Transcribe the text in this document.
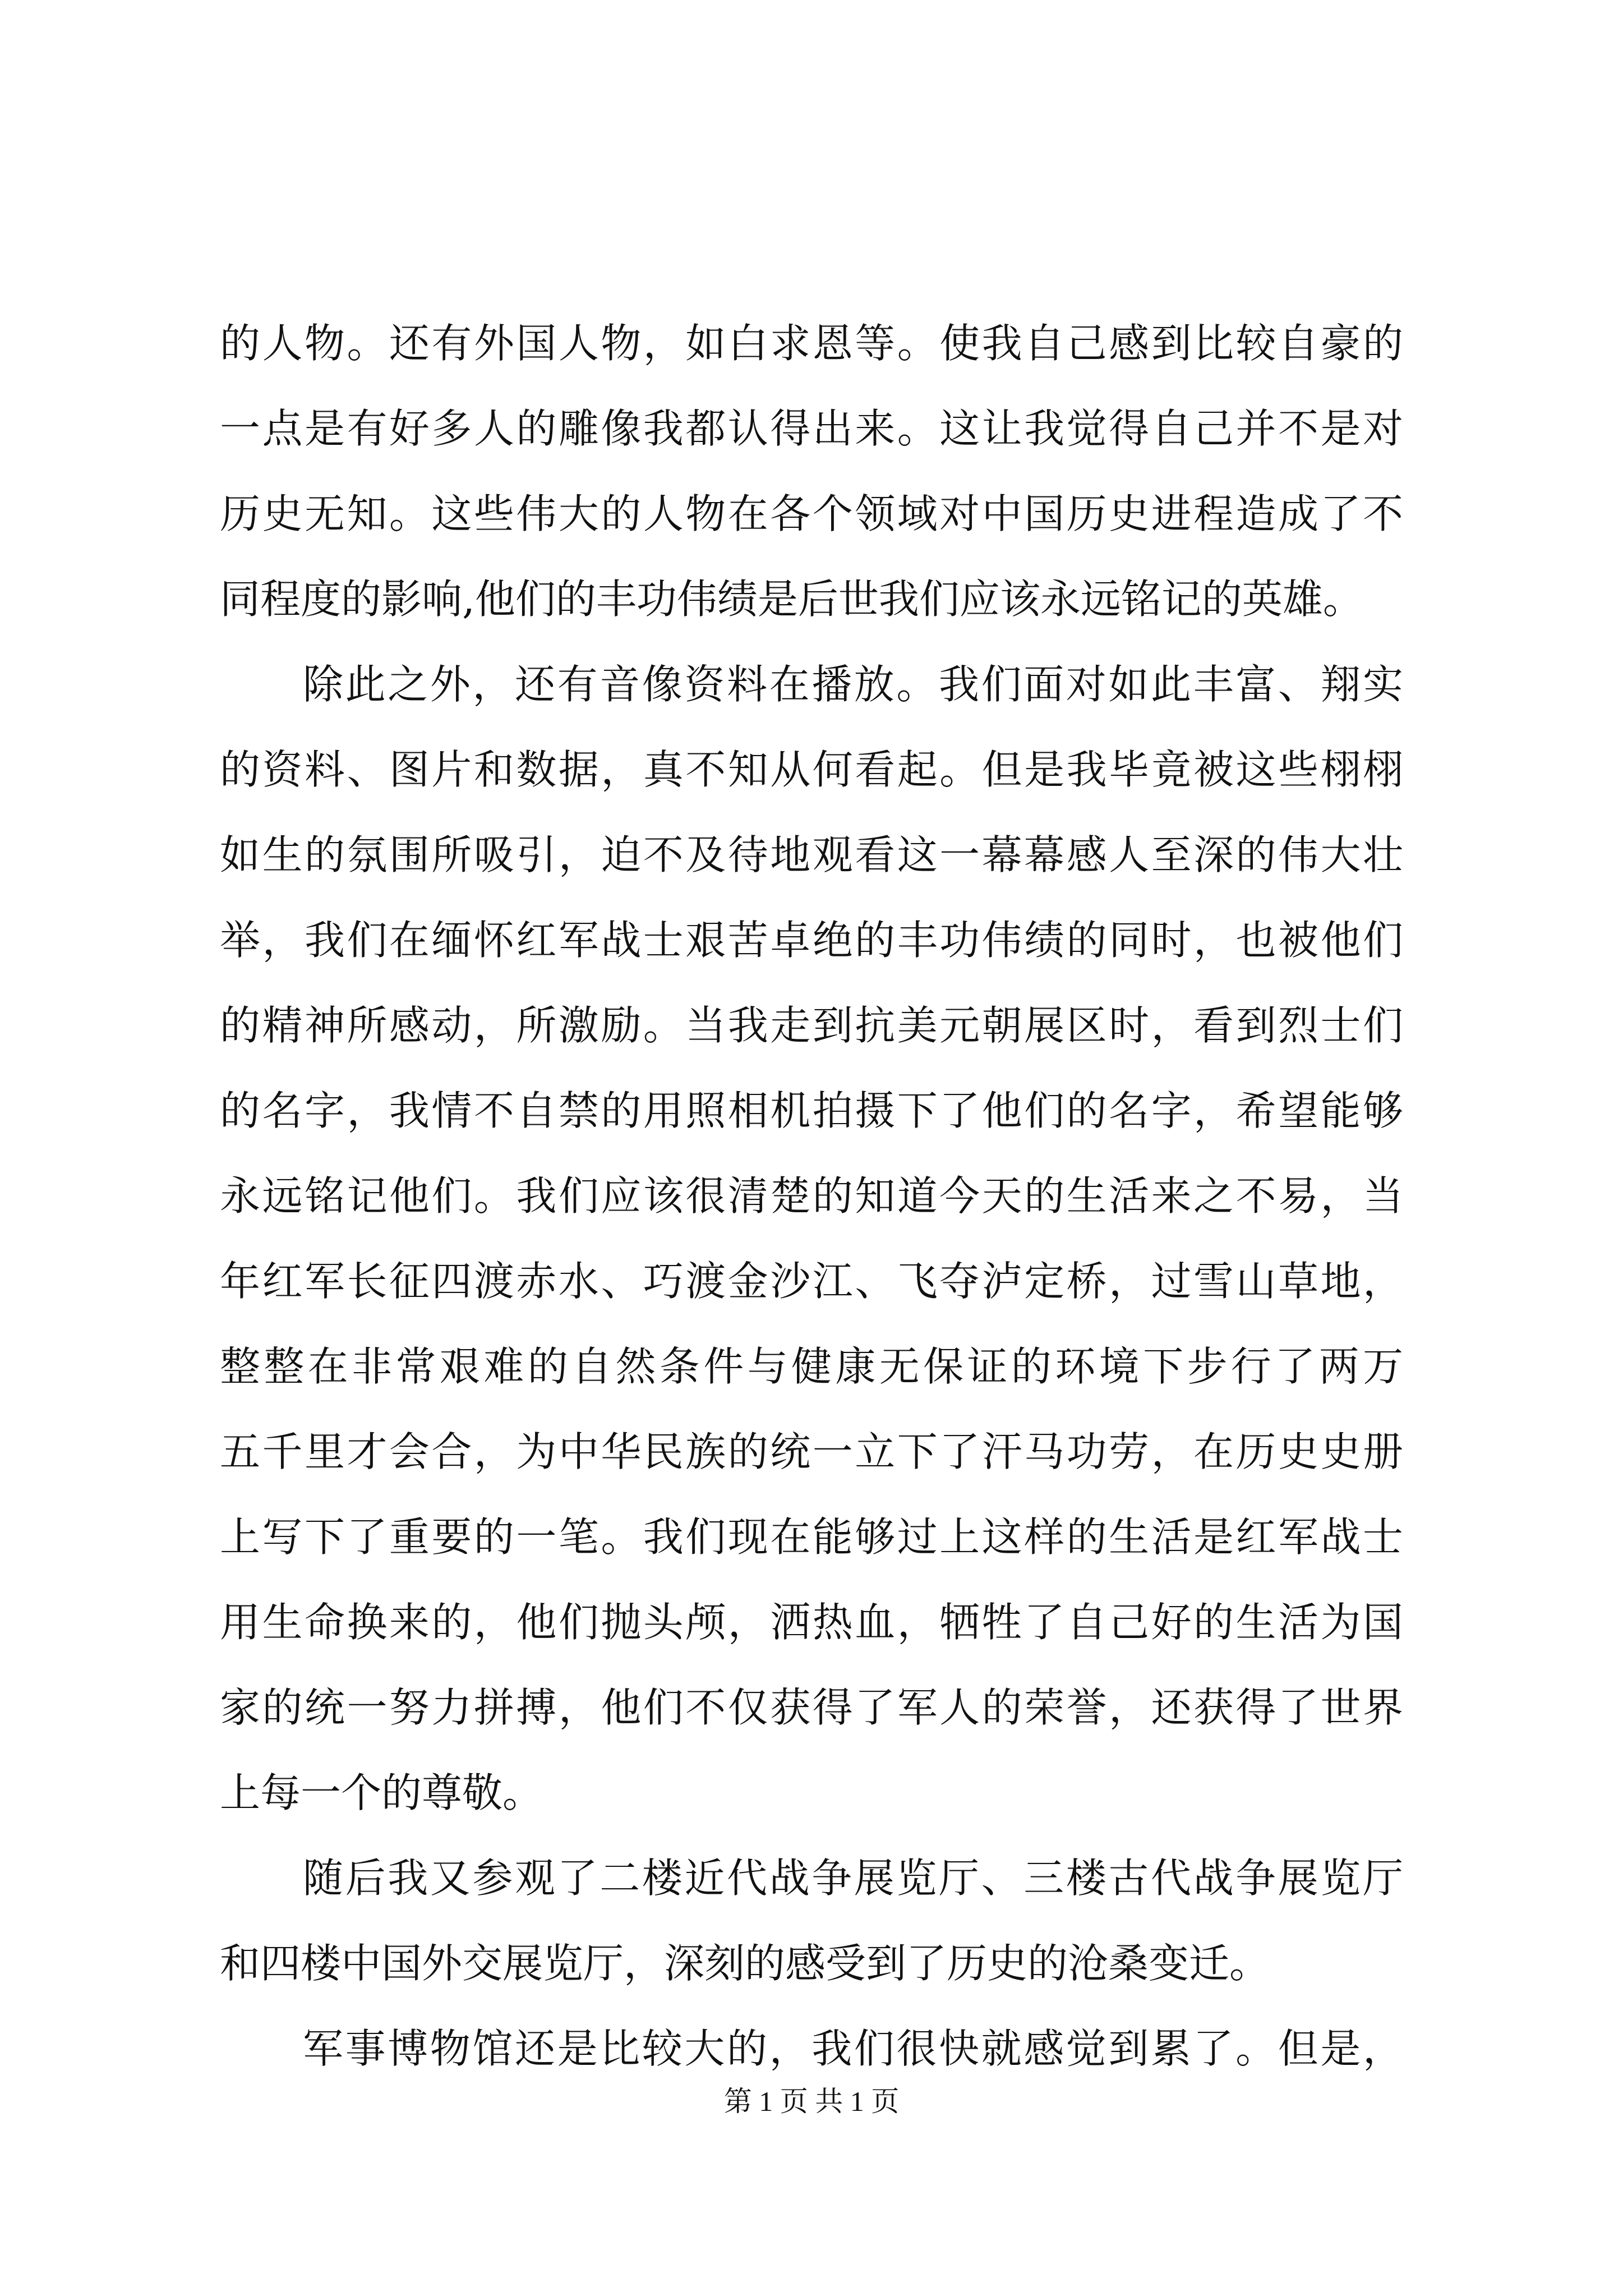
的人物。还有外国人物，如白求恩等。使我自己感到比较自豪的
一点是有好多人的雕像我都认得出来。这让我觉得自己并不是对
历史无知。这些伟大的人物在各个领域对中国历史进程造成了不
同程度的影响,他们的丰功伟绩是后世我们应该永远铭记的英雄。
除此之外，还有音像资料在播放。我们面对如此丰富、翔实
的资料、图片和数据，真不知从何看起。但是我毕竟被这些栩栩
如生的氛围所吸引，迫不及待地观看这一幕幕感人至深的伟大壮
举，我们在缅怀红军战士艰苦卓绝的丰功伟绩的同时，也被他们
的精神所感动，所激励。当我走到抗美元朝展区时，看到烈士们
的名字，我情不自禁的用照相机拍摄下了他们的名字，希望能够
永远铭记他们。我们应该很清楚的知道今天的生活来之不易，当
年红军长征四渡赤水、巧渡金沙江、飞夺泸定桥，过雪山草地，
整整在非常艰难的自然条件与健康无保证的环境下步行了两万
五千里才会合，为中华民族的统一立下了汗马功劳，在历史史册
上写下了重要的一笔。我们现在能够过上这样的生活是红军战士
用生命换来的，他们抛头颅，洒热血，牺牲了自己好的生活为国
家的统一努力拼搏，他们不仅获得了军人的荣誉，还获得了世界
上每一个的尊敬。
随后我又参观了二楼近代战争展览厅、三楼古代战争展览厅
和四楼中国外交展览厅，深刻的感受到了历史的沧桑变迁。
军事博物馆还是比较大的，我们很快就感觉到累了。但是，
第 1 页 共 1 页
